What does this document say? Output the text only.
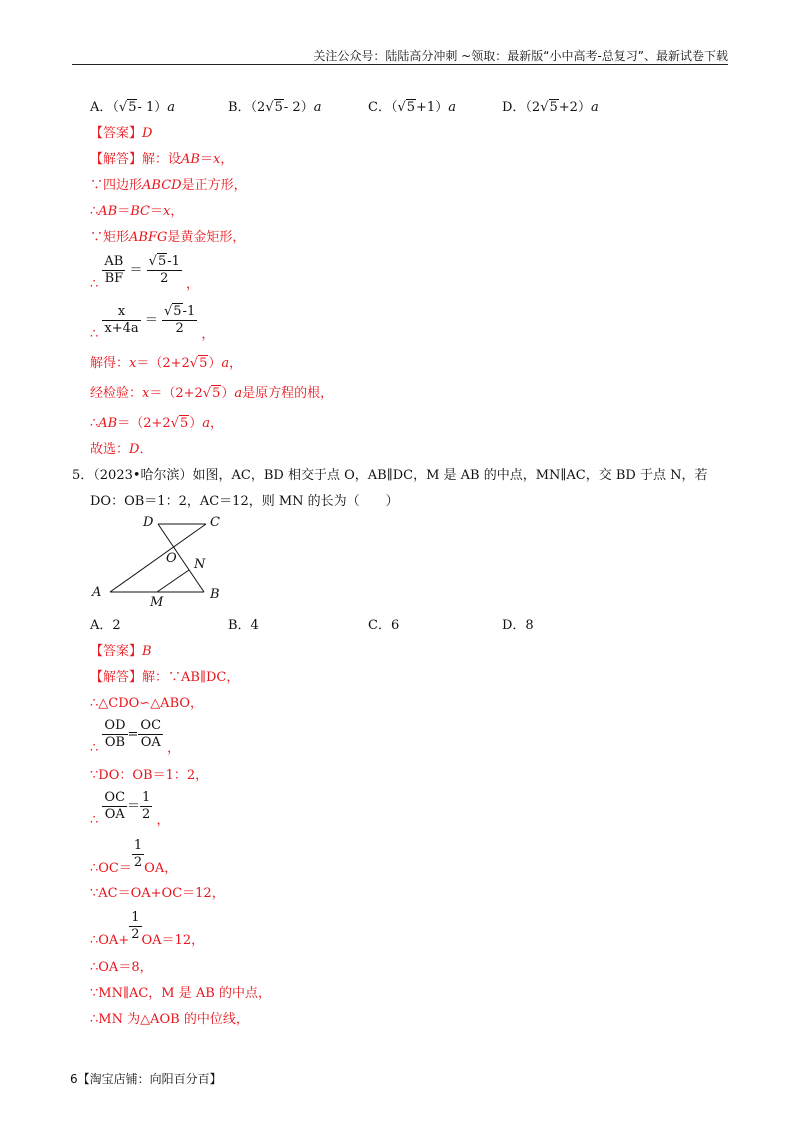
关注公众号：陆陆高分冲刺 ~领取：最新版“小中高考-总复习”、最新试卷下载
A．（√5- 1）a	B．（2√5- 2）a	C．（√5+1）a	D．（2√5+2）a
【答案】D
【解答】解：设AB＝x，
∵四边形ABCD是正方形，
∴AB＝BC＝x，
∵矩形ABFG是黄金矩形，
∴ $\frac{AB}{BF} = \frac{√5-1}{2}$ ，
∴ $\frac{x}{x+4a} = \frac{√5-1}{2}$ ，
解得：x＝（2+2√5）a，
经检验：x＝（2+2√5）a是原方程的根，
∴AB＝（2+2√5）a，
故选：D．
5．（2023•哈尔滨）如图，AC，BD 相交于点 O，AB∥DC，M 是 AB 的中点，MN∥AC，交 BD 于点 N，若
DO：OB＝1：2，AC＝12，则 MN 的长为（　　）
D	C
O N
A
M
B
A．2	B．4	C．6	D．8
【答案】B
【解答】解：∵AB∥DC，
∴△CDO∽△ABO，
∴ $\frac{OD}{OB} = \frac{OC}{OA}$ ，
∵DO：OB＝1：2，
∴ $\frac{OC}{OA} = \frac{1}{2}$ ，
∴OC＝ $\frac{1}{2}$ OA，
∵AC＝OA+OC＝12，
∴OA+ $\frac{1}{2} OA=12$，
∴OA＝8，
∵MN∥AC，M 是 AB 的中点，
∴MN 为△AOB 的中位线，
6【淘宝店铺：向阳百分百】
